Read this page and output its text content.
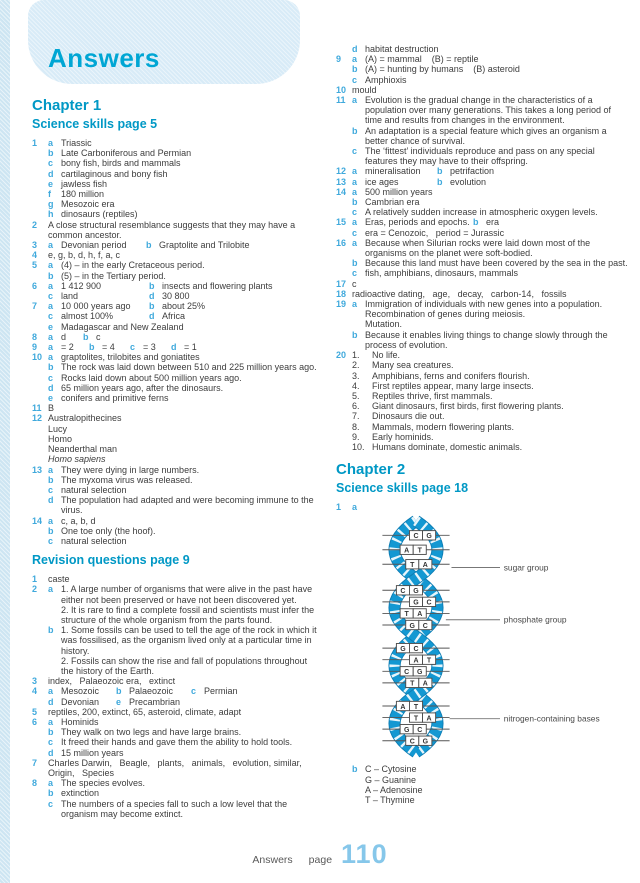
Answers
Chapter 1
Science skills page 5
1	a Triassic
b Late Carboniferous and Permian
c bony fish, birds and mammals
d cartilaginous and bony fish
e jawless fish
f	180 million
g Mesozoic era
h dinosaurs (reptiles)
2	A close structural resemblance suggests that they may have a common ancestor.
3	a Devonian period	b Graptolite and Trilobite
4	e, g, b, d, h, f, a, c
5	a (4) – in the early Cretaceous period.
b (5) – in the Tertiary period.
6	a 1 412 900	b insects and flowering plants
c land	d 30 800
7	a 10 000 years ago	b about 25%
c almost 100%	d Africa
e Madagascar and New Zealand
8	a d	b c
9	a = 2	b = 4	c = 3	d = 1
10 a graptolites, trilobites and goniatites
b The rock was laid down between 510 and 225 million years ago.
c Rocks laid down about 500 million years ago.
d 65 million years ago, after the dinosaurs.
e conifers and primitive ferns
11 B
12 Australopithecines
Lucy
Homo
Neanderthal man
Homo sapiens
13 a They were dying in large numbers.
b The myxoma virus was released.
c natural selection
d The population had adapted and were becoming immune to the virus.
14 a c, a, b, d
b One toe only (the hoof).
c natural selection
Revision questions page 9
1	caste
2	a 1. A large number of organisms that were alive in the past have either not been preserved or have not been discovered yet.
2. It is rare to find a complete fossil and scientists must infer the structure of the whole organism from the parts found.
b 1. Some fossils can be used to tell the age of the rock in which it was fossilised, as the organism lived only at a particular time in history.
2. Fossils can show the rise and fall of populations throughout the history of the Earth.
3	index,   Palaeozoic era,   extinct
4	a Mesozoic	b Palaeozoic	c Permian
d Devonian	e Precambrian
5	reptiles, 200, extinct, 65, asteroid, climate, adapt
6	a Hominids
b They walk on two legs and have large brains.
c It freed their hands and gave them the ability to hold tools.
d 15 million years
7	Charles Darwin,   Beagle,   plants,   animals,   evolution, similar,   Origin,   Species
8	a The species evolves.
b extinction
c The numbers of a species fall to such a low level that the organism may become extinct.
d habitat destruction
9	a (A) = mammal    (B) = reptile
b (A) = hunting by humans    (B) asteroid
c Amphioxis
10 mould
11 a Evolution is the gradual change in the characteristics of a population over many generations. This takes a long period of time and results from changes in the environment.
b An adaptation is a special feature which gives an organism a better chance of survival.
c The ‘fittest’ individuals reproduce and pass on any special features they may have to their offspring.
12 a mineralisation	b petrifaction
13 a ice ages	b evolution
14 a 500 million years
b Cambrian era
c A relatively sudden increase in atmospheric oxygen levels.
15 a Eras, periods and epochs. b era
c era = Cenozoic,   period = Jurassic
16 a Because when Silurian rocks were laid down most of the organisms on the planet were soft-bodied.
b Because this land must have been covered by the sea in the past.
c fish, amphibians, dinosaurs, mammals
17 c
18 radioactive dating,   age,   decay,   carbon-14,   fossils
19 a Immigration of individuals with new genes into a population.
Recombination of genes during meiosis.
Mutation.
b Because it enables living things to change slowly through the process of evolution.
20 1.	No life.
2.	Many sea creatures.
3.	Amphibians, ferns and conifers flourish.
4.	First reptiles appear, many large insects.
5.	Reptiles thrive, first mammals.
6.	Giant dinosaurs, first birds, first flowering plants.
7.	Dinosaurs die out.
8.	Mammals, modern flowering plants.
9.	Early hominids.
10. Humans dominate, domestic animals.
Chapter 2
Science skills page 18
1	a
C G
A T
T A
C G
G C
T A
G C
G C
A T
C G
T A
A T
T A
G C
C G
sugar group
phosphate group
nitrogen-containing bases
b C – Cytosine
G – Guanine
A – Adenosine
T – Thymine
Answers page 110
